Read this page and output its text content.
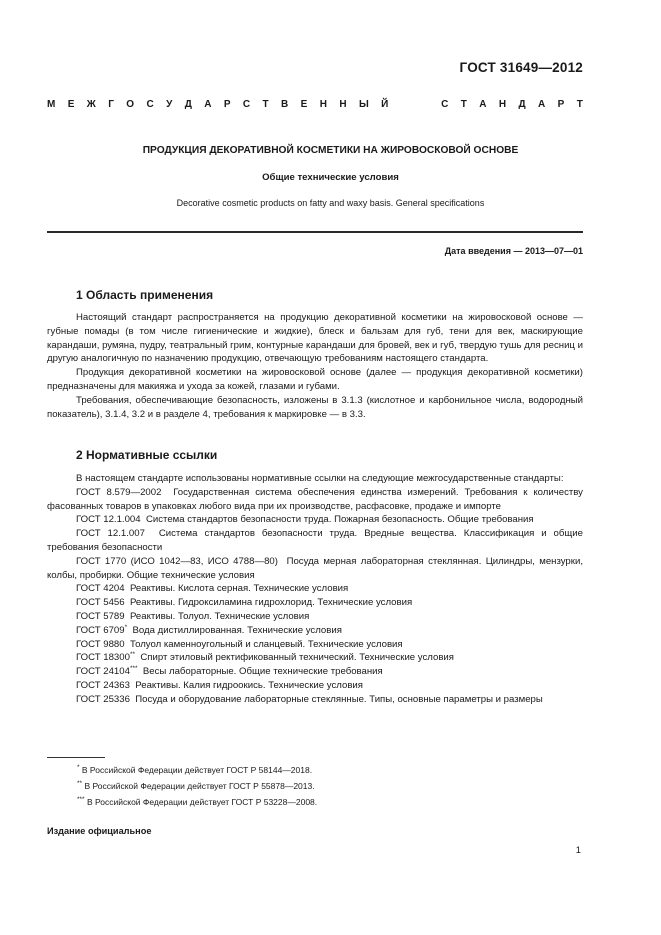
ГОСТ 31649—2012
М Е Ж Г О С У Д А Р С Т В Е Н Н Ы Й	С Т А Н Д А Р Т
ПРОДУКЦИЯ ДЕКОРАТИВНОЙ КОСМЕТИКИ НА ЖИРОВОСКОВОЙ ОСНОВЕ
Общие технические условия
Decorative cosmetic products on fatty and waxy basis. General specifications
Дата введения — 2013—07—01
1 Область применения

Настоящий стандарт распространяется на продукцию декоративной косметики на жировосковой основе — губные помады (в том числе гигиенические и жидкие), блеск и бальзам для губ, тени для век, маскирующие карандаши, румяна, пудру, театральный грим, контурные карандаши для бровей, век и губ, твердую тушь для ресниц и другую аналогичную по назначению продукцию, отвечающую требованиям настоящего стандарта.

Продукция декоративной косметики на жировосковой основе (далее — продукция декоративной косметики) предназначены для макияжа и ухода за кожей, глазами и губами.

Требования, обеспечивающие безопасность, изложены в 3.1.3 (кислотное и карбонильное числа, водородный показатель), 3.1.4, 3.2 и в разделе 4, требования к маркировке — в 3.3.

2 Нормативные ссылки

В настоящем стандарте использованы нормативные ссылки на следующие межгосударственные стандарты:

ГОСТ 8.579—2002 Государственная система обеспечения единства измерений. Требования к количеству фасованных товаров в упаковках любого вида при их производстве, расфасовке, продаже и импорте

ГОСТ 12.1.004 Система стандартов безопасности труда. Пожарная безопасность. Общие требования

ГОСТ 12.1.007 Система стандартов безопасности труда. Вредные вещества. Классификация и общие требования безопасности

ГОСТ 1770 (ИСО 1042—83, ИСО 4788—80) Посуда мерная лабораторная стеклянная. Цилиндры, мензурки, колбы, пробирки. Общие технические условия

ГОСТ 4204 Реактивы. Кислота серная. Технические условия

ГОСТ 5456 Реактивы. Гидроксиламина гидрохлорид. Технические условия

ГОСТ 5789 Реактивы. Толуол. Технические условия

ГОСТ 6709* Вода дистиллированная. Технические условия

ГОСТ 9880 Толуол каменноугольный и сланцевый. Технические условия

ГОСТ 18300** Спирт этиловый ректификованный технический. Технические условия

ГОСТ 24104*** Весы лабораторные. Общие технические требования

ГОСТ 24363 Реактивы. Калия гидроокись. Технические условия

ГОСТ 25336 Посуда и оборудование лабораторные стеклянные. Типы, основные параметры и размеры

* В Российской Федерации действует ГОСТ Р 58144—2018.
** В Российской Федерации действует ГОСТ Р 55878—2013.
*** В Российской Федерации действует ГОСТ Р 53228—2008.
Издание официальное
1
